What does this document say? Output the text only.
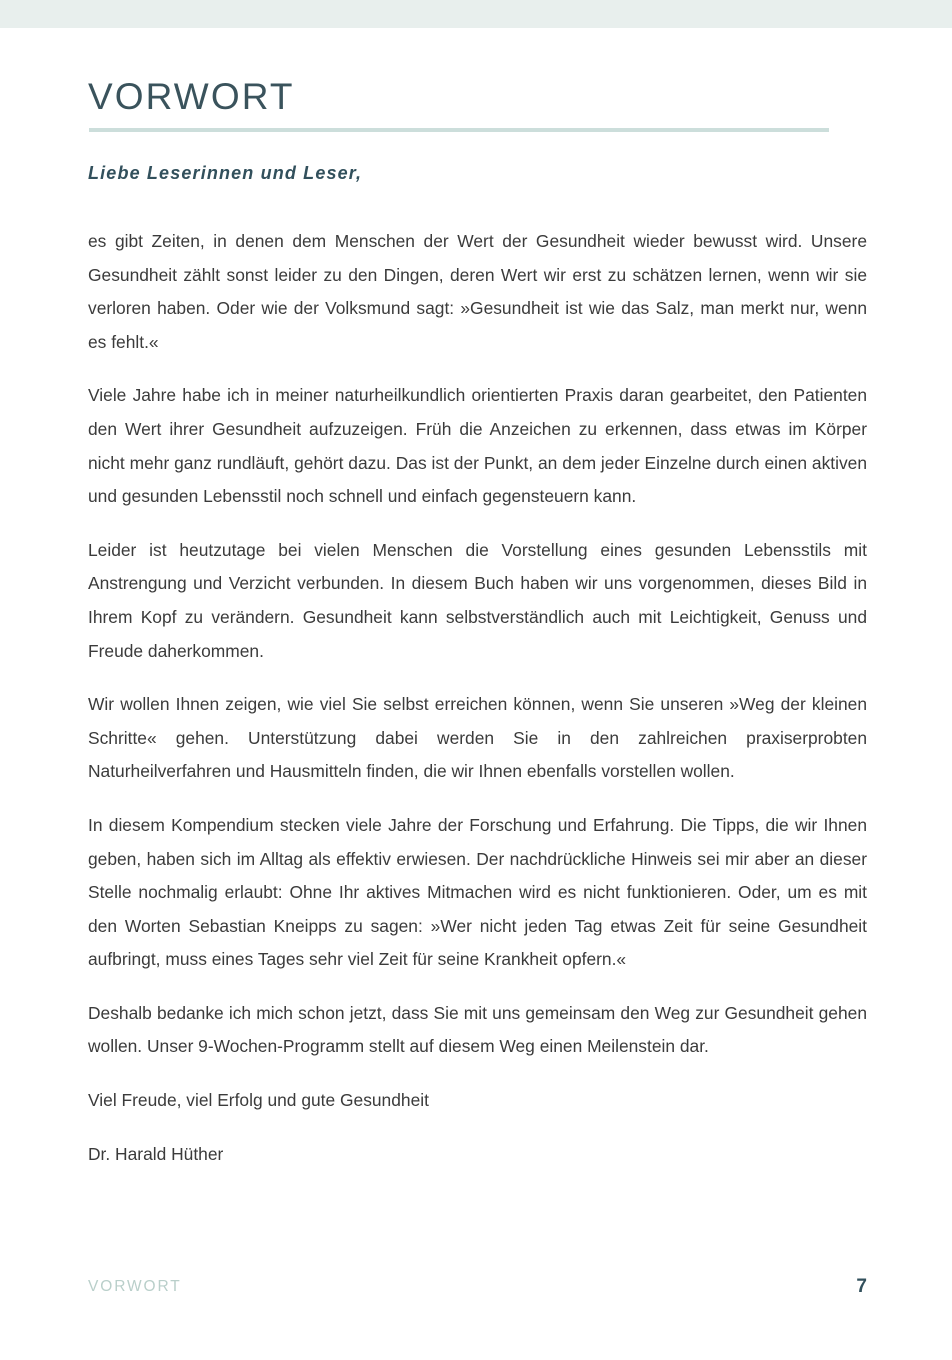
VORWORT

Liebe Leserinnen und Leser,

es gibt Zeiten, in denen dem Menschen der Wert der Gesundheit wieder bewusst wird. Unsere Gesundheit zählt sonst leider zu den Dingen, deren Wert wir erst zu schätzen lernen, wenn wir sie verloren haben. Oder wie der Volksmund sagt: »Gesundheit ist wie das Salz, man merkt nur, wenn es fehlt.«

Viele Jahre habe ich in meiner naturheilkundlich orientierten Praxis daran gearbeitet, den Patienten den Wert ihrer Gesundheit aufzuzeigen. Früh die Anzeichen zu erkennen, dass etwas im Körper nicht mehr ganz rundläuft, gehört dazu. Das ist der Punkt, an dem jeder Einzelne durch einen aktiven und gesunden Lebensstil noch schnell und einfach gegensteuern kann.

Leider ist heutzutage bei vielen Menschen die Vorstellung eines gesunden Lebensstils mit Anstrengung und Verzicht verbunden. In diesem Buch haben wir uns vorgenommen, dieses Bild in Ihrem Kopf zu verändern. Gesundheit kann selbstverständlich auch mit Leichtigkeit, Genuss und Freude daherkommen.

Wir wollen Ihnen zeigen, wie viel Sie selbst erreichen können, wenn Sie unseren »Weg der kleinen Schritte« gehen. Unterstützung dabei werden Sie in den zahlreichen praxiserprobten Naturheilverfahren und Hausmitteln finden, die wir Ihnen ebenfalls vorstellen wollen.

In diesem Kompendium stecken viele Jahre der Forschung und Erfahrung. Die Tipps, die wir Ihnen geben, haben sich im Alltag als effektiv erwiesen. Der nachdrückliche Hinweis sei mir aber an dieser Stelle nochmalig erlaubt: Ohne Ihr aktives Mitmachen wird es nicht funktionieren. Oder, um es mit den Worten Sebastian Kneipps zu sagen: »Wer nicht jeden Tag etwas Zeit für seine Gesundheit aufbringt, muss eines Tages sehr viel Zeit für seine Krankheit opfern.«

Deshalb bedanke ich mich schon jetzt, dass Sie mit uns gemeinsam den Weg zur Gesundheit gehen wollen. Unser 9-Wochen-Programm stellt auf diesem Weg einen Meilenstein dar.

Viel Freude, viel Erfolg und gute Gesundheit

Dr. Harald Hüther

VORWORT	7
